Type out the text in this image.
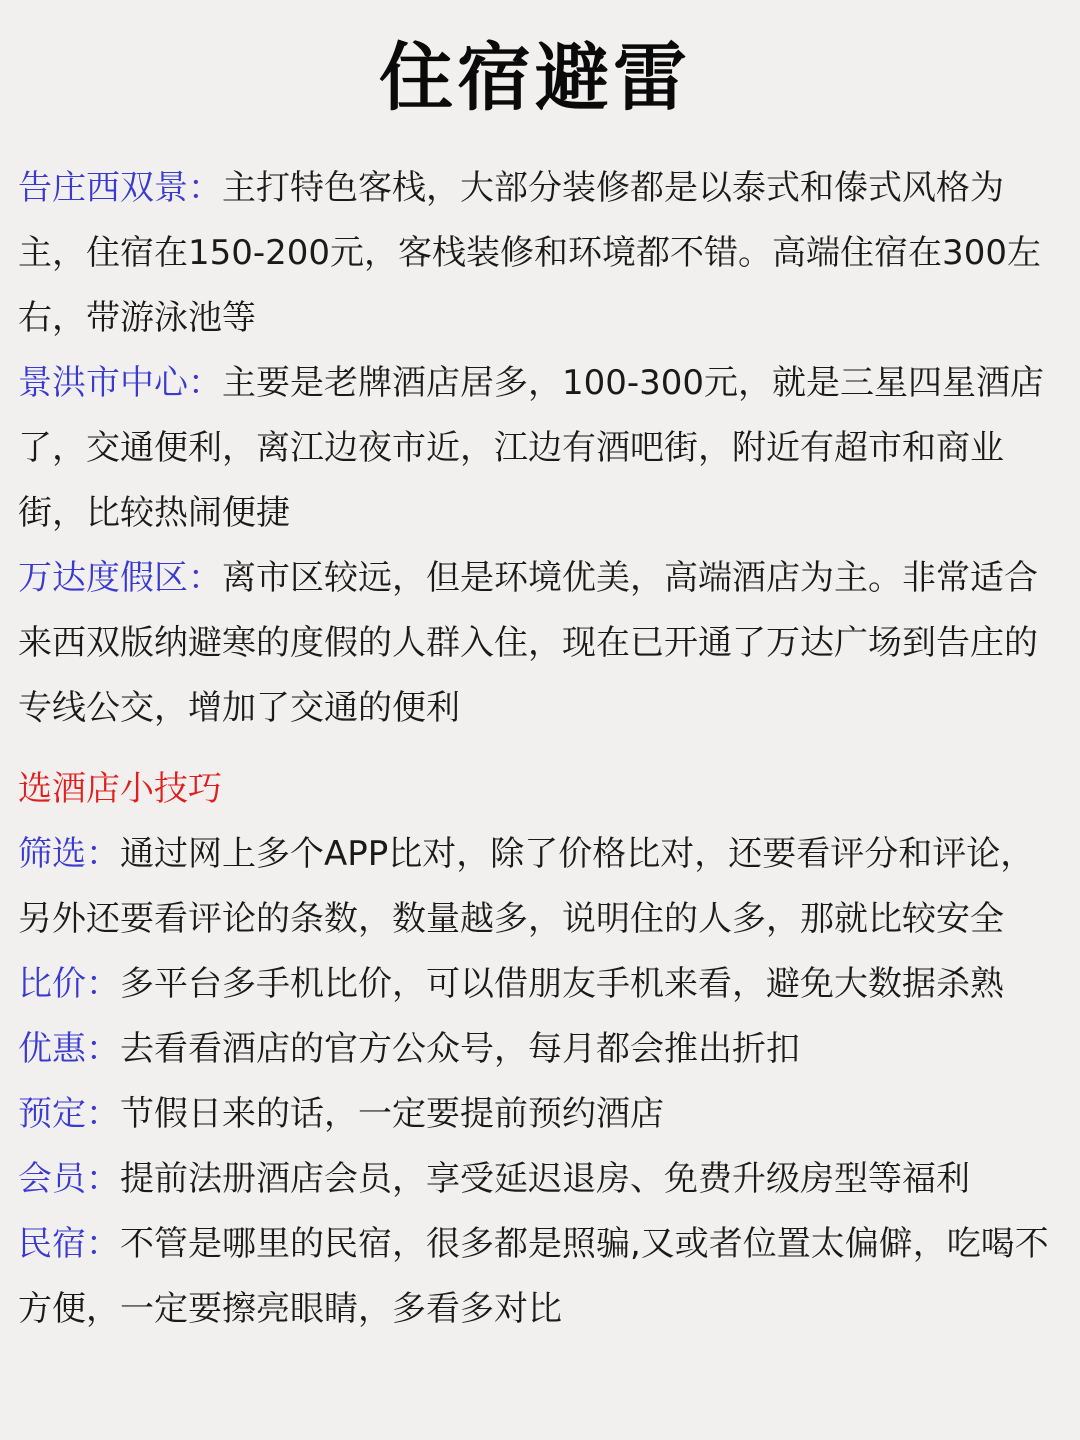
住宿避雷

告庄西双景：主打特色客栈，大部分装修都是以泰式和傣式风格为主，住宿在150-200元，客栈装修和环境都不错。高端住宿在300左右，带游泳池等

景洪市中心：主要是老牌酒店居多，100-300元，就是三星四星酒店了，交通便利，离江边夜市近，江边有酒吧街，附近有超市和商业街，比较热闹便捷

万达度假区：离市区较远，但是环境优美，高端酒店为主。非常适合来西双版纳避寒的度假的人群入住，现在已开通了万达广场到告庄的专线公交，增加了交通的便利

选酒店小技巧

筛选：通过网上多个APP比对，除了价格比对，还要看评分和评论，另外还要看评论的条数，数量越多，说明住的人多，那就比较安全

比价：多平台多手机比价，可以借朋友手机来看，避免大数据杀熟

优惠：去看看酒店的官方公众号，每月都会推出折扣

预定：节假日来的话，一定要提前预约酒店

会员：提前法册酒店会员，享受延迟退房、免费升级房型等福利

民宿：不管是哪里的民宿，很多都是照骗,又或者位置太偏僻，吃喝不方便，一定要擦亮眼睛，多看多对比
